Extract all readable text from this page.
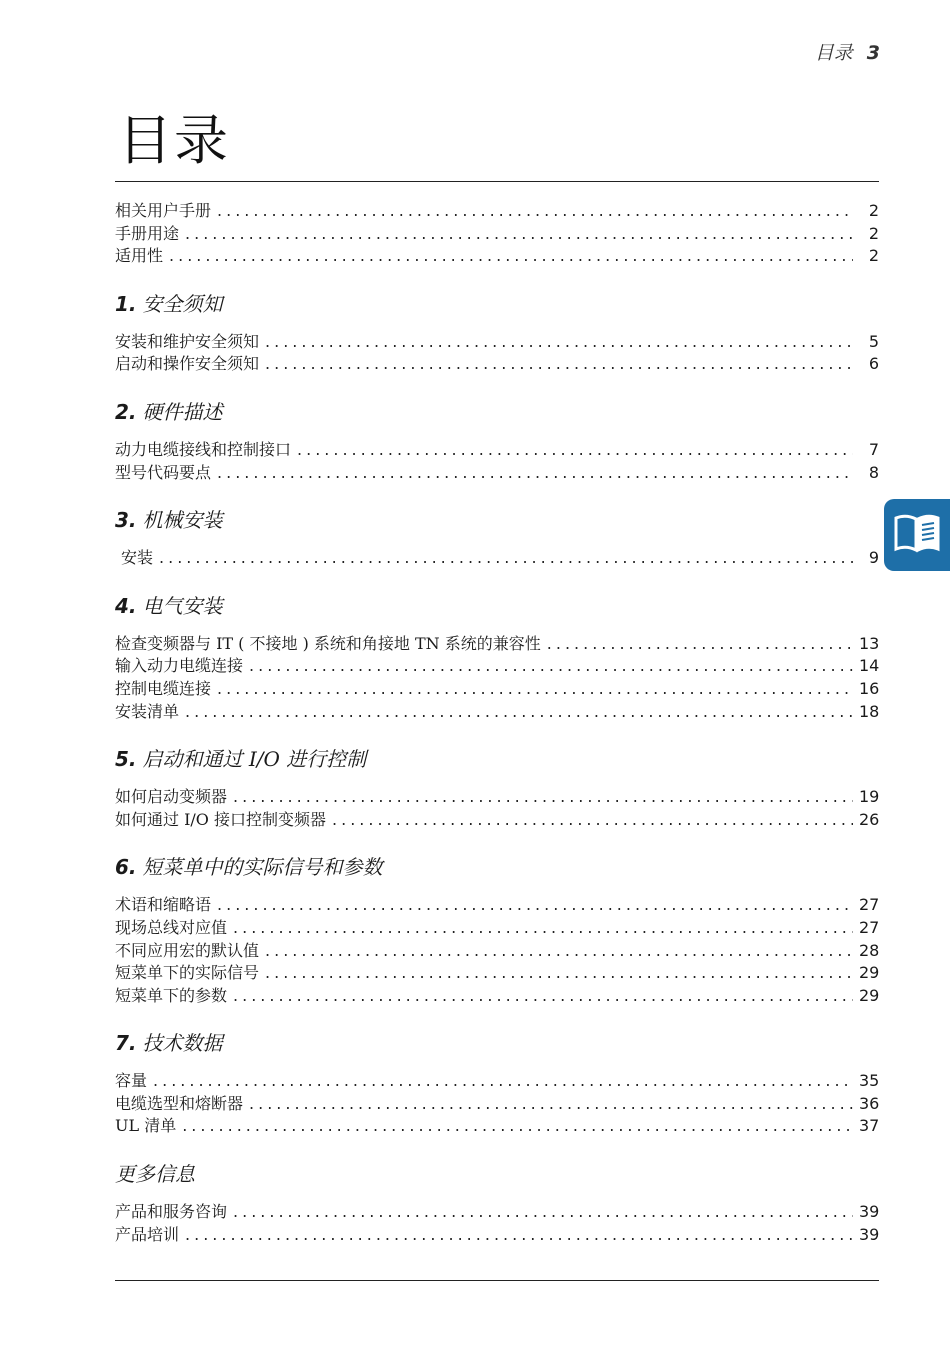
目录 3
目录
相关用户手册 .....	2
手册用途 .....	2
适用性 .....	2
1. 安全须知
安装和维护安全须知 .....	5
启动和操作安全须知 .....	6
2. 硬件描述
动力电缆接线和控制接口 .....	7
型号代码要点 .....	8
3. 机械安装
安装 .....	9
4. 电气安装
检查变频器与 IT ( 不接地 ) 系统和角接地 TN 系统的兼容性 .....	13
输入动力电缆连接 .....	14
控制电缆连接 .....	16
安装清单 .....	18
5. 启动和通过 I/O 进行控制
如何启动变频器 .....	19
如何通过 I/O 接口控制变频器 .....	26
6. 短菜单中的实际信号和参数
术语和缩略语 .....	27
现场总线对应值 .....	27
不同应用宏的默认值 .....	28
短菜单下的实际信号 .....	29
短菜单下的参数 .....	29
7. 技术数据
容量 .....	35
电缆选型和熔断器 .....	36
UL 清单 .....	37
更多信息
产品和服务咨询 .....	39
产品培训 .....	39
